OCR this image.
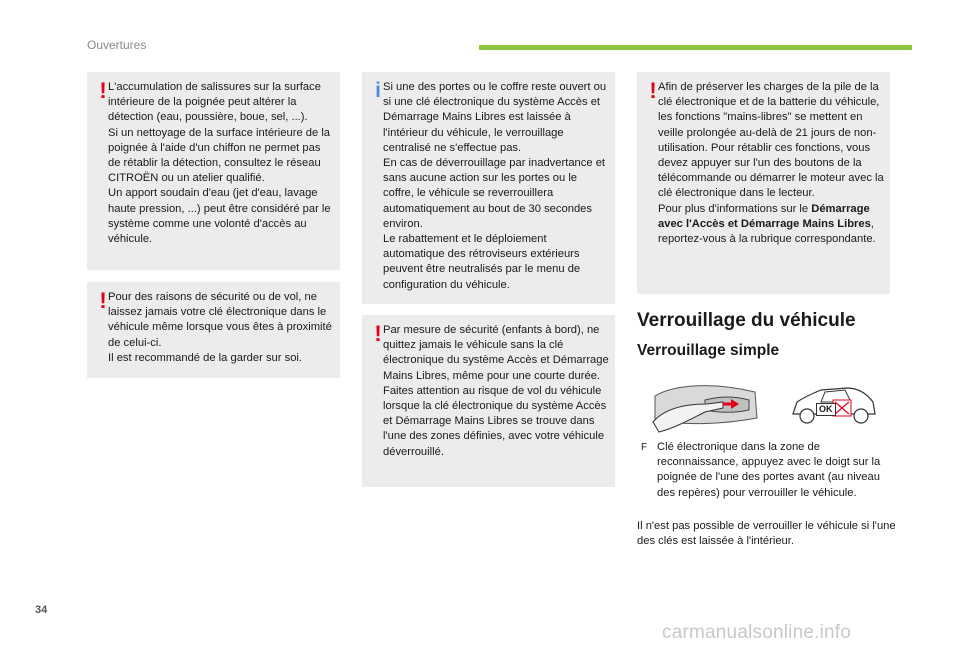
Ouvertures
! L'accumulation de salissures sur la surface intérieure de la poignée peut altérer la détection (eau, poussière, boue, sel, ...).
Si un nettoyage de la surface intérieure de la poignée à l'aide d'un chiffon ne permet pas de rétablir la détection, consultez le réseau CITROËN ou un atelier qualifié.
Un apport soudain d'eau (jet d'eau, lavage haute pression, ...) peut être considéré par le système comme une volonté d'accès au véhicule.
! Pour des raisons de sécurité ou de vol, ne laissez jamais votre clé électronique dans le véhicule même lorsque vous êtes à proximité de celui-ci.
Il est recommandé de la garder sur soi.
i Si une des portes ou le coffre reste ouvert ou si une clé électronique du système Accès et Démarrage Mains Libres est laissée à l'intérieur du véhicule, le verrouillage centralisé ne s'effectue pas.
En cas de déverrouillage par inadvertance et sans aucune action sur les portes ou le coffre, le véhicule se reverrouillera automatiquement au bout de 30 secondes environ.
Le rabattement et le déploiement automatique des rétroviseurs extérieurs peuvent être neutralisés par le menu de configuration du véhicule.
! Par mesure de sécurité (enfants à bord), ne quittez jamais le véhicule sans la clé électronique du système Accès et Démarrage Mains Libres, même pour une courte durée.
Faites attention au risque de vol du véhicule lorsque la clé électronique du système Accès et Démarrage Mains Libres se trouve dans l'une des zones définies, avec votre véhicule déverrouillé.
! Afin de préserver les charges de la pile de la clé électronique et de la batterie du véhicule, les fonctions "mains-libres" se mettent en veille prolongée au-delà de 21 jours de non-utilisation. Pour rétablir ces fonctions, vous devez appuyer sur l'un des boutons de la télécommande ou démarrer le moteur avec la clé électronique dans le lecteur.
Pour plus d'informations sur le Démarrage avec l'Accès et Démarrage Mains Libres, reportez-vous à la rubrique correspondante.
Verrouillage du véhicule
Verrouillage simple
OK
F Clé électronique dans la zone de reconnaissance, appuyez avec le doigt sur la poignée de l'une des portes avant (au niveau des repères) pour verrouiller le véhicule.
Il n'est pas possible de verrouiller le véhicule si l'une des clés est laissée à l'intérieur.
34
carmanualsonline.info
